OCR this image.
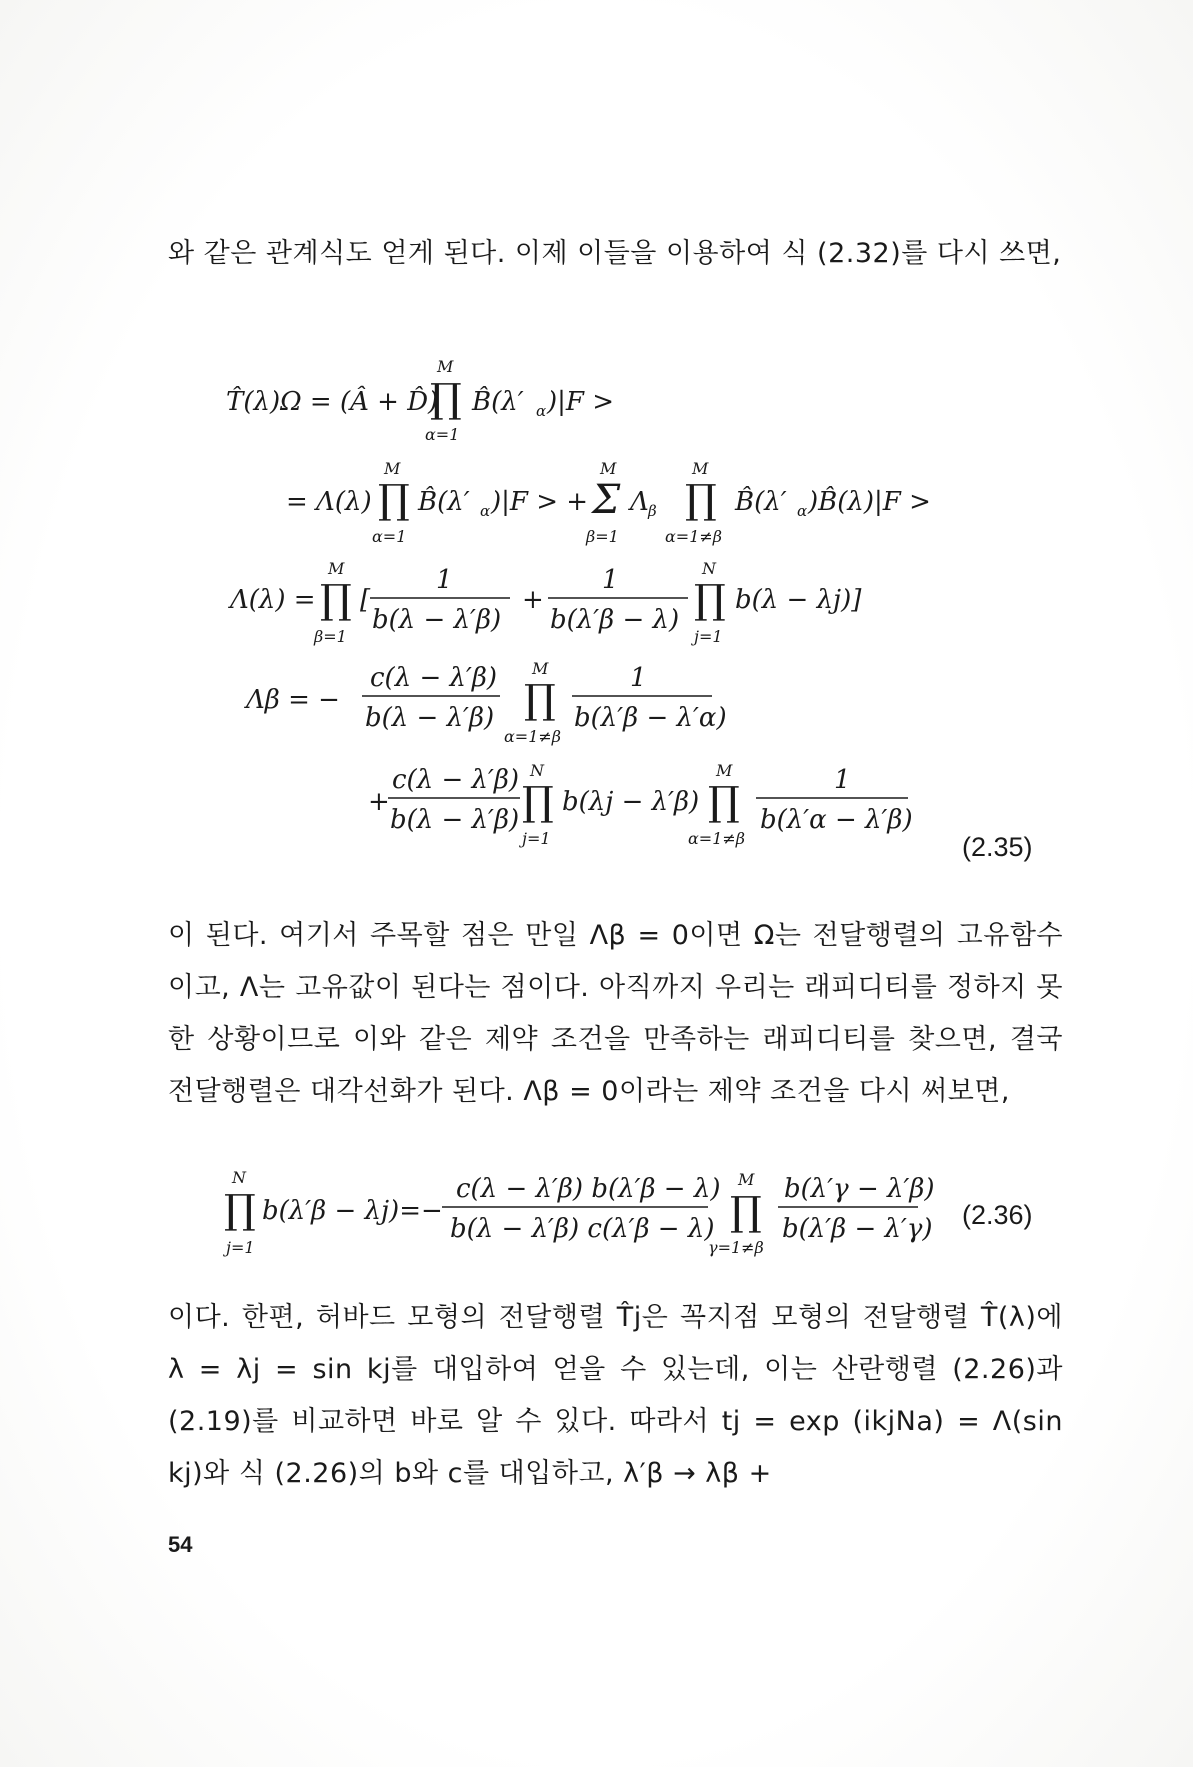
와 같은 관계식도 얻게 된다. 이제 이들을 이용하여 식 (2.32)를 다시 쓰면,
T̂(λ)Ω = (Â + D̂)
∏
M
α=1
B̂(λ′ α )|F >
= Λ(λ) ∏
M
α=1
B̂(λ′ α )|F > + Σ
M
β=1
Λ β ∏
M
α=1≠β
B̂(λ′ α )B̂(λ)|F >
Λ(λ) = ∏
M
β=1
[
1
b(λ − λ′β)
+
1
b(λ′β − λ) ∏
N
j=1
b(λ − λj)]
Λβ = −
c(λ − λ′β)
b(λ − λ′β) ∏
M
α=1≠β
1
b(λ′β − λ′α)
+
c(λ − λ′β)
b(λ − λ′β) ∏
N
j=1
b(λj − λ′β) ∏
M
α=1≠β
1
b(λ′α − λ′β)
(2.35)
이 된다. 여기서 주목할 점은 만일 Λβ = 0이면 Ω는 전달행렬의 고유함수이고, Λ는 고유값이 된다는 점이다. 아직까지 우리는 래피디티를 정하지 못한 상황이므로 이와 같은 제약 조건을 만족하는 래피디티를 찾으면, 결국 전달행렬은 대각선화가 된다. Λβ = 0이라는 제약 조건을 다시 써보면,
∏
N
j=1
b(λ′β − λj)=−
c(λ − λ′β) b(λ′β − λ)
b(λ − λ′β) c(λ′β − λ) ∏
M
γ=1≠β
b(λ′γ − λ′β)
b(λ′β − λ′γ) (2.36)
이다. 한편, 허바드 모형의 전달행렬 T̂j은 꼭지점 모형의 전달행렬 T̂(λ)에 λ = λj = sin kj를 대입하여 얻을 수 있는데, 이는 산란행렬 (2.26)과 (2.19)를 비교하면 바로 알 수 있다. 따라서 tj = exp (ikjNa) = Λ(sin kj)와 식 (2.26)의 b와 c를 대입하고, λ′β → λβ +
54
